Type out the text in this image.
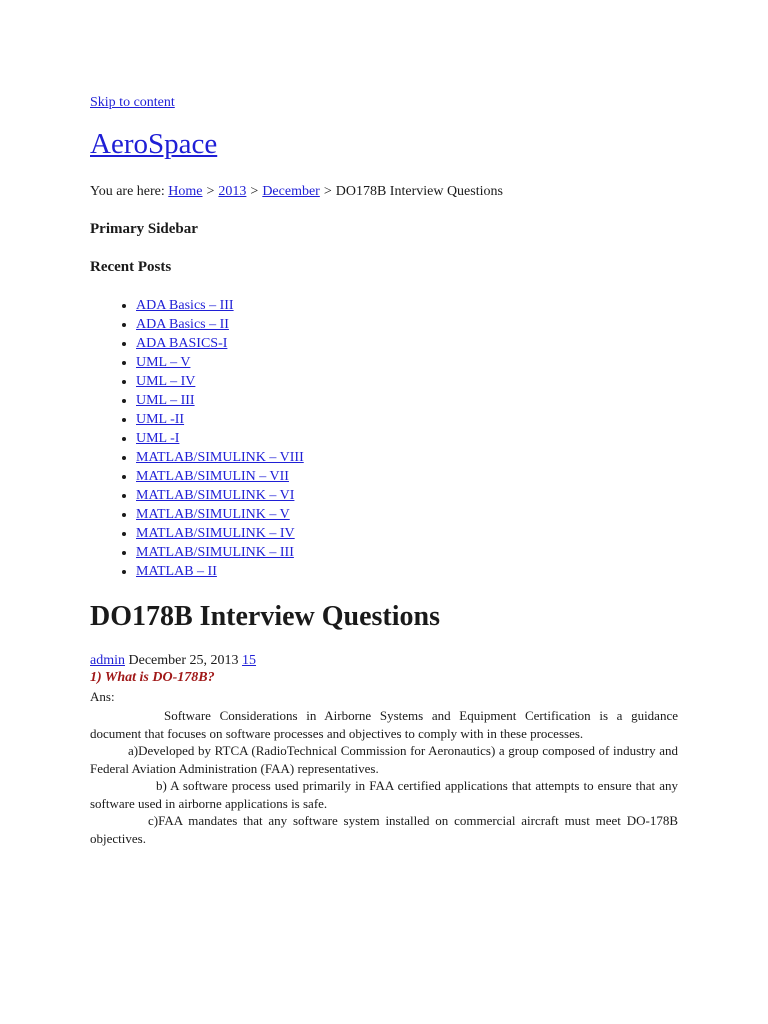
Skip to content
AeroSpace
You are here: Home > 2013 > December > DO178B Interview Questions
Primary Sidebar
Recent Posts
• ADA Basics – III
• ADA Basics – II
• ADA BASICS-I
• UML – V
• UML – IV
• UML – III
• UML -II
• UML -I
• MATLAB/SIMULINK – VIII
• MATLAB/SIMULIN – VII
• MATLAB/SIMULINK – VI
• MATLAB/SIMULINK – V
• MATLAB/SIMULINK – IV
• MATLAB/SIMULINK – III
• MATLAB – II
DO178B Interview Questions
admin December 25, 2013 15
1) What is DO-178B?
Ans:

Software Considerations in Airborne Systems and Equipment Certification is a guidance document that focuses on software processes and objectives to comply with in these processes.

a)Developed by RTCA (RadioTechnical Commission for Aeronautics) a group composed of industry and Federal Aviation Administration (FAA) representatives.

b) A software process used primarily in FAA certified applications that attempts to ensure that any software used in airborne applications is safe.

c)FAA mandates that any software system installed on commercial aircraft must meet DO-178B objectives.
